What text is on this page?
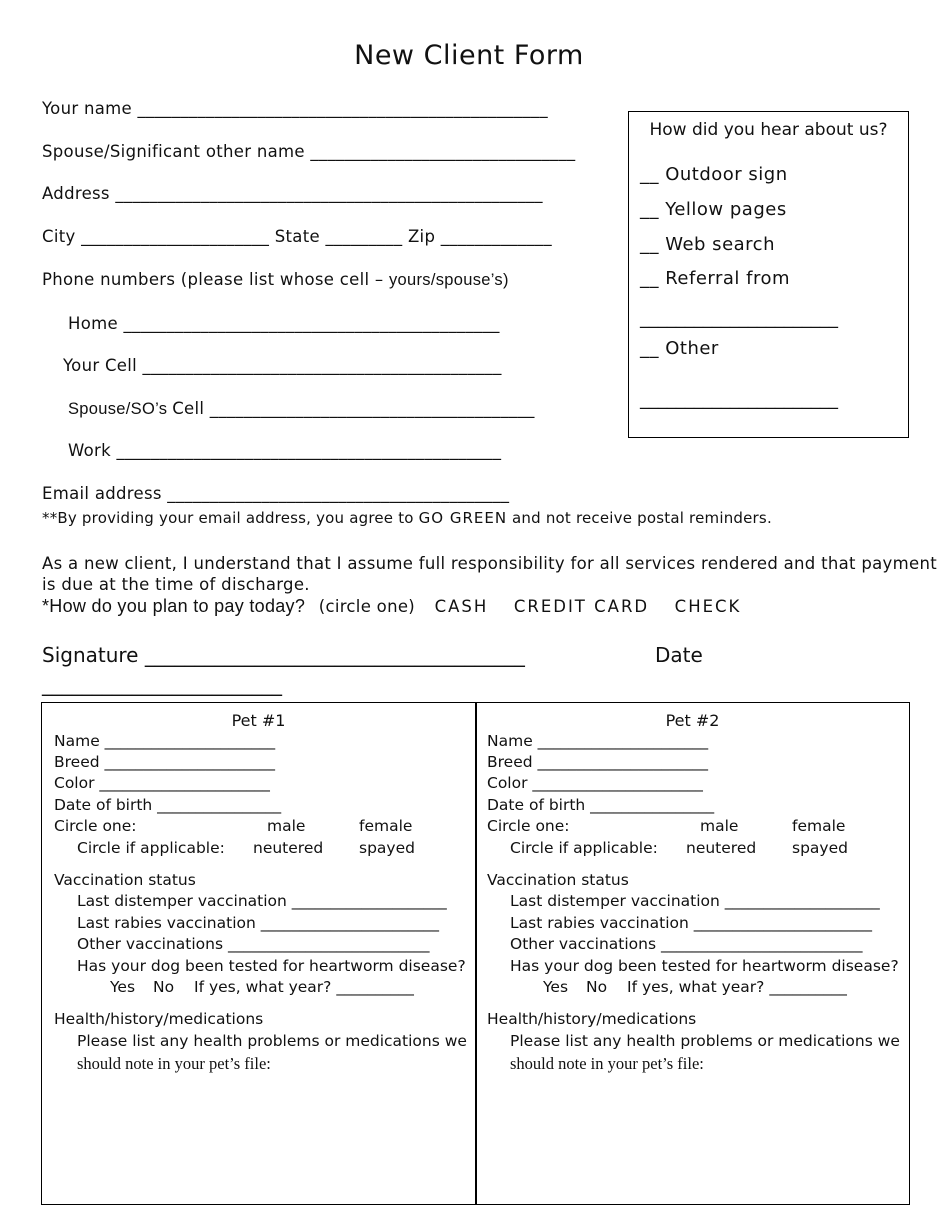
New Client Form
Your name ________________________________________________
Spouse/Significant other name _______________________________
Address __________________________________________________
City ______________________ State _________ Zip _____________
Phone numbers (please list whose cell – yours/spouse’s)
Home ____________________________________________
Your Cell __________________________________________
Spouse/SO’s Cell ______________________________________
Work _____________________________________________
Email address ________________________________________
**By providing your email address, you agree to GO GREEN and not receive postal reminders.
As a new client, I understand that I assume full responsibility for all services rendered and that payment
is due at the time of discharge.
*How do you plan to pay today? (circle one) CASH CREDIT CARD CHECK
Signature ______________________________________	Date
________________________
How did you hear about us?
__ Outdoor sign
__ Yellow pages
__ Web search
__ Referral from
______________________
__ Other
______________________
Pet #1
Name ______________________
Breed ______________________
Color ______________________
Date of birth ________________
Circle one:	male	female
Circle if applicable: neutered spayed
Vaccination status
Last distemper vaccination ____________________
Last rabies vaccination _______________________
Other vaccinations __________________________
Has your dog been tested for heartworm disease?
Yes No If yes, what year? __________
Health/history/medications
Please list any health problems or medications we
should note in your pet’s file:
Pet #2
Name ______________________
Breed ______________________
Color ______________________
Date of birth ________________
Circle one:	male	female
Circle if applicable: neutered spayed
Vaccination status
Last distemper vaccination ____________________
Last rabies vaccination _______________________
Other vaccinations __________________________
Has your dog been tested for heartworm disease?
Yes No If yes, what year? __________
Health/history/medications
Please list any health problems or medications we
should note in your pet’s file:
